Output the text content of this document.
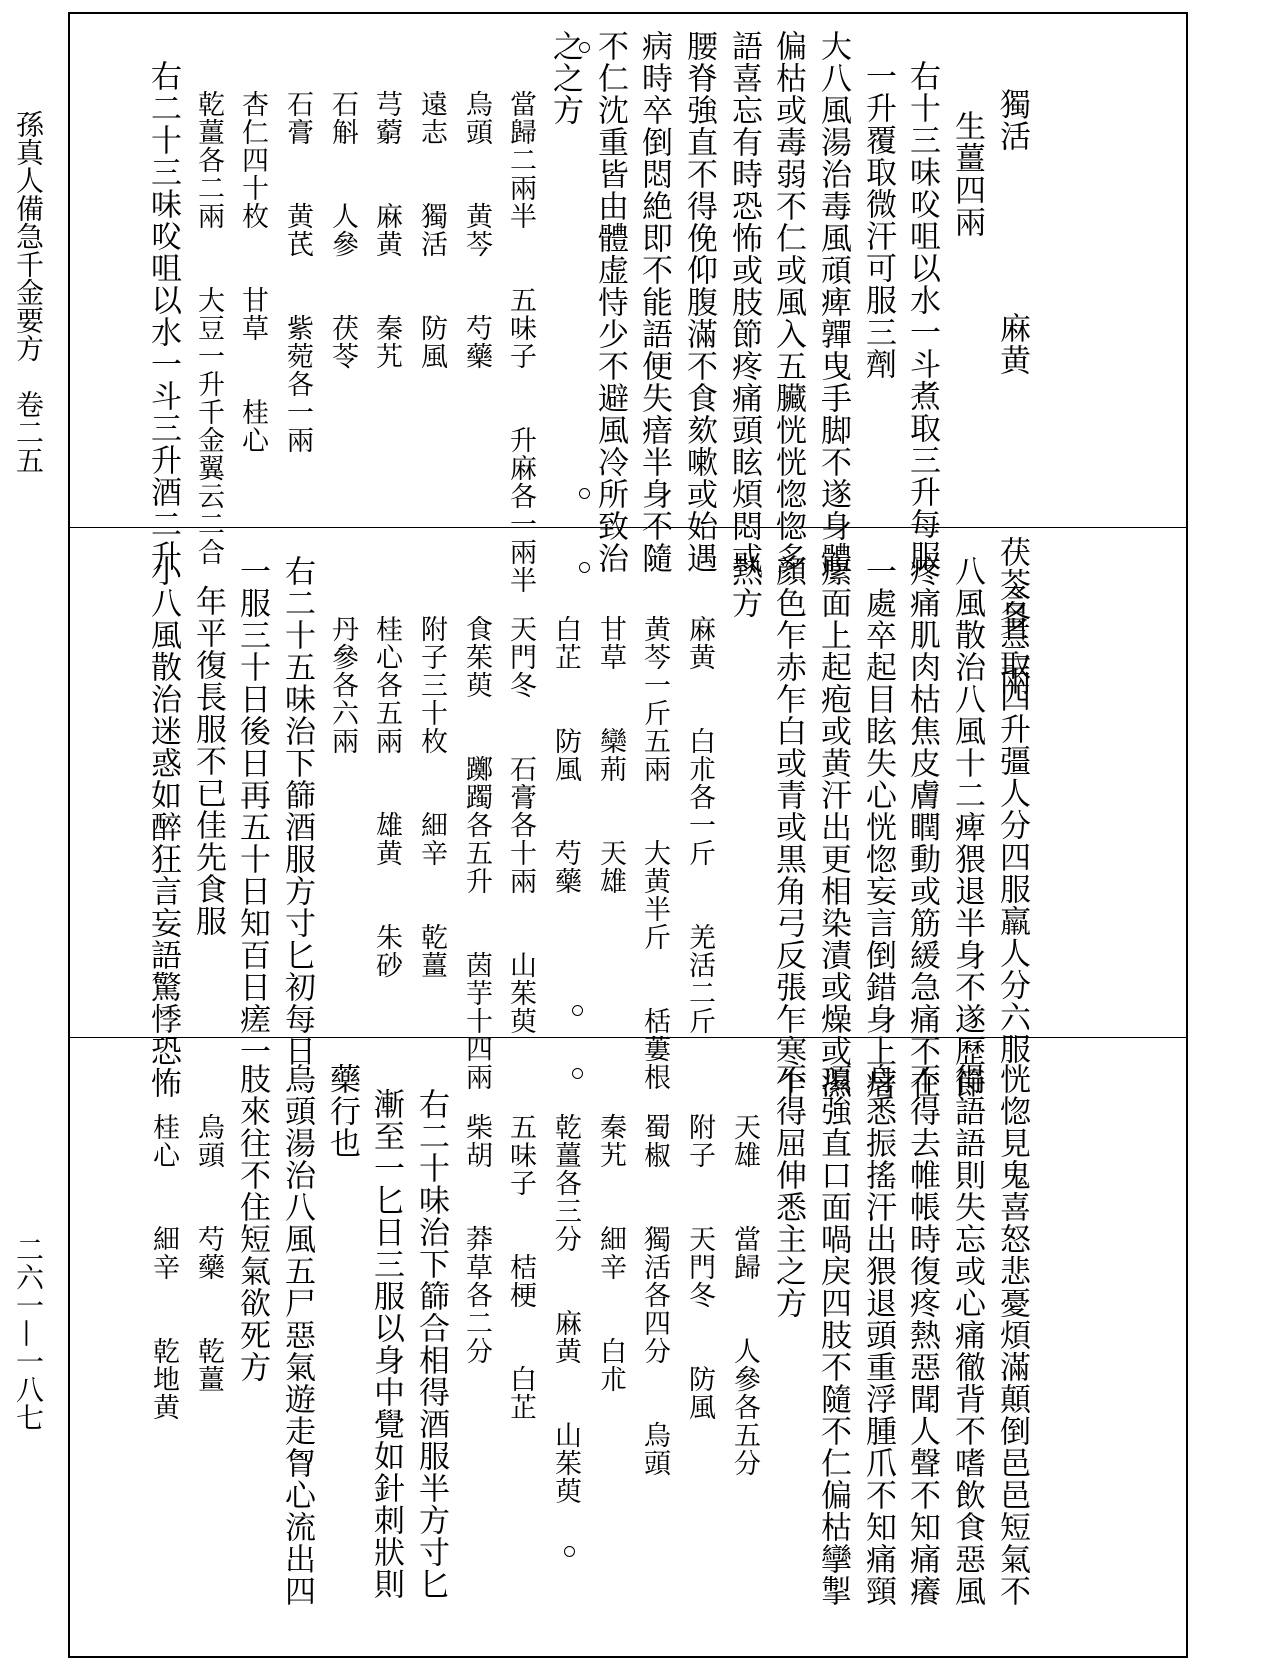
孫真人備急千金要方　卷二五
二六一—一八七
獨活　　　　　麻黄　　　　　茯苓各三兩
生薑四兩
右十三味㕮咀以水一斗煮取三升每服
一升覆取微汗可服三劑
大八風湯治毒風頑痺嚲曳手脚不遂身體
偏枯或毒弱不仁或風入五臟恍恍惚惚多
語喜忘有時恐怖或肢節疼痛頭眩煩悶或
腰脊強直不得俛仰腹滿不食欬嗽或始遇
病時卒倒悶絶即不能語便失瘖半身不隨
不仁沈重皆由體虚恃少不避風冷所致治
之之方
當歸二兩半　　五味子　　升麻各一兩半
烏頭　　黄芩　　芍藥
遠志　　獨活　　防風
芎藭　　麻黄　　秦艽
石斛　　人參　　茯苓
石膏　　黄芪　　紫菀各一兩
杏仁四十枚　　甘草　　桂心
乾薑各二兩　　大豆一升千金翼云二合
右二十三味㕮咀以水一斗三升酒二升
合煮取四升彊人分四服羸人分六服
八風散治八風十二痺猥退半身不遂歷節
疼痛肌肉枯焦皮膚瞤動或筋緩急痛不在
一處卒起目眩失心恍惚妄言倒錯身上瘖
瘰面上起疱或黄汗出更相染漬或燥或濕
顔色乍赤乍白或青或黒角弓反張乍寒乍
熱方
麻黄　　白朮各一斤　　羌活二斤
黄芩一斤五兩　　大黄半斤　　栝蔞根
甘草　　欒荊　　天雄
白芷　　防風　　芍藥
天門冬　　石膏各十兩　　山茱萸
食茱萸　　躑躅各五升　　茵芋十四兩
附子三十枚　　細辛　　乾薑
桂心各五兩　　雄黄　　朱砂
丹參各六兩
右二十五味治下篩酒服方寸匕初每日
一服三十日後日再五十日知百日瘥一
年平復長服不已佳先食服
小八風散治迷惑如醉狂言妄語驚悸恐怖
恍惚見鬼喜怒悲憂煩滿顛倒邑邑短氣不
得語語則失忘或心痛徹背不嗜飲食惡風
不得去帷帳時復疼熱惡聞人聲不知痛癢
身悉振搖汗出猥退頭重浮腫爪不知痛頸
項強直口面喎戾四肢不隨不仁偏枯攣掣
不得屈伸悉主之方
天雄　　當歸　　人參各五分
附子　　天門冬　　防風
蜀椒　　獨活各四分　　烏頭
秦艽　　細辛　　白朮
乾薑各三分　　麻黄　　山茱萸
五味子　　桔梗　　白芷
柴胡　　莽草各二分
右二十味治下篩合相得酒服半方寸匕
漸至一匕日三服以身中覺如針刺狀則
藥行也
烏頭湯治八風五尸惡氣遊走胷心流出四
肢來往不住短氣欲死方
烏頭　　芍藥　　乾薑
桂心　　細辛　　乾地黄
